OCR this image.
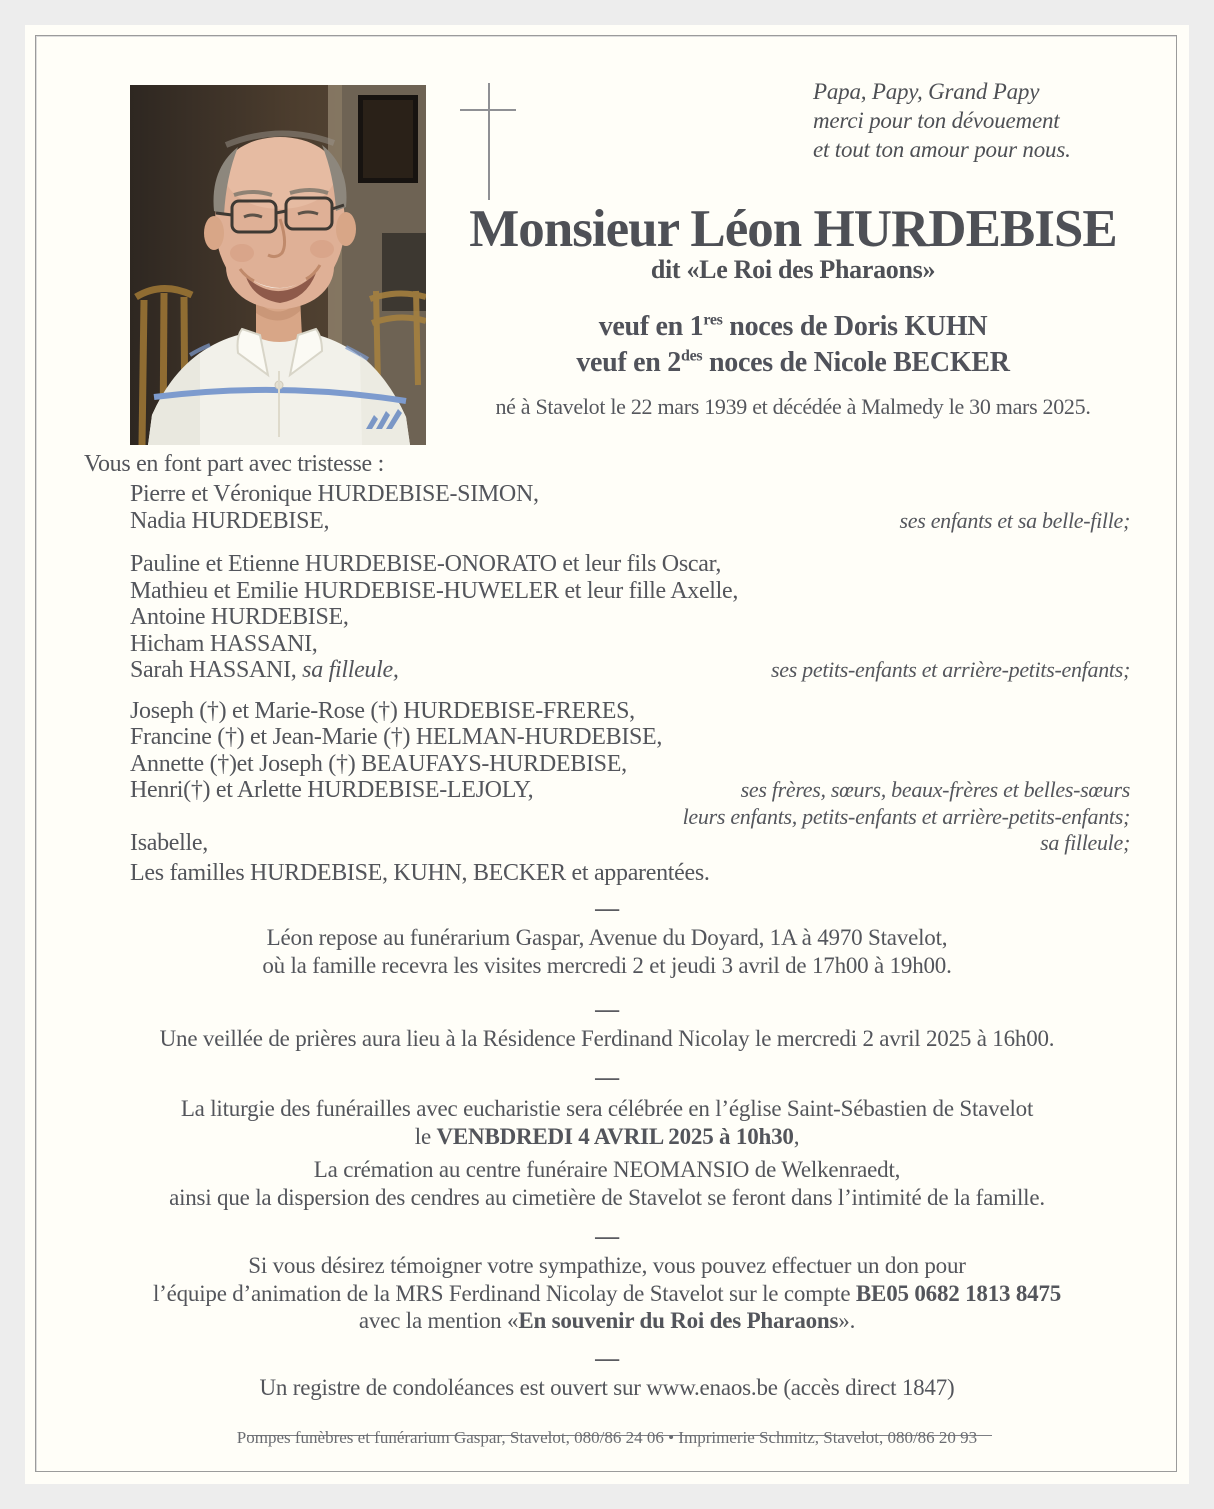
Papa, Papy, Grand Papy
merci pour ton dévouement
et tout ton amour pour nous.
Monsieur Léon HURDEBISE
dit «Le Roi des Pharaons»
veuf en 1res noces de Doris KUHN
veuf en $2^{des}$ noces de Nicole BECKER
né à Stavelot le 22 mars 1939 et décédée à Malmedy le 30 mars 2025.
Vous en font part avec tristesse :
Pierre et Véronique HURDEBISE-SIMON,
Nadia HURDEBISE,	ses enfants et sa belle-fille;
Pauline et Etienne HURDEBISE-ONORATO et leur fils Oscar,
Mathieu et Emilie HURDEBISE-HUWELER et leur fille Axelle,
Antoine HURDEBISE,
Hicham HASSANI,
Sarah HASSANI, sa filleule,	ses petits-enfants et arrière-petits-enfants;
Joseph (†) et Marie-Rose (†) HURDEBISE-FRERES,
Francine (†) et Jean-Marie (†) HELMAN-HURDEBISE,
Annette (†)et Joseph (†) BEAUFAYS-HURDEBISE,
Henri(†) et Arlette HURDEBISE-LEJOLY,	ses frères, sœurs, beaux-frères et belles-sœurs
leurs enfants, petits-enfants et arrière-petits-enfants;
Isabelle,	sa filleule;
Les familles HURDEBISE, KUHN, BECKER et apparentées.
—
Léon repose au funérarium Gaspar, Avenue du Doyard, 1A à 4970 Stavelot,
où la famille recevra les visites mercredi 2 et jeudi 3 avril de 17h00 à 19h00.
—
Une veillée de prières aura lieu à la Résidence Ferdinand Nicolay le mercredi 2 avril 2025 à 16h00.
—
La liturgie des funérailles avec eucharistie sera célébrée en l’église Saint-Sébastien de Stavelot
le VENBDREDI 4 AVRIL 2025 à 10h30,
La crémation au centre funéraire NEOMANSIO de Welkenraedt,
ainsi que la dispersion des cendres au cimetière de Stavelot se feront dans l’intimité de la famille.
—
Si vous désirez témoigner votre sympathize, vous pouvez effectuer un don pour
l’équipe d’animation de la MRS Ferdinand Nicolay de Stavelot sur le compte BE05 0682 1813 8475
avec la mention «En souvenir du Roi des Pharaons».
—
Un registre de condoléances est ouvert sur www.enaos.be (accès direct 1847)
Pompes funèbres et funérarium Gaspar, Stavelot, 080/86 24 06 • Imprimerie Schmitz, Stavelot, 080/86 20 93
